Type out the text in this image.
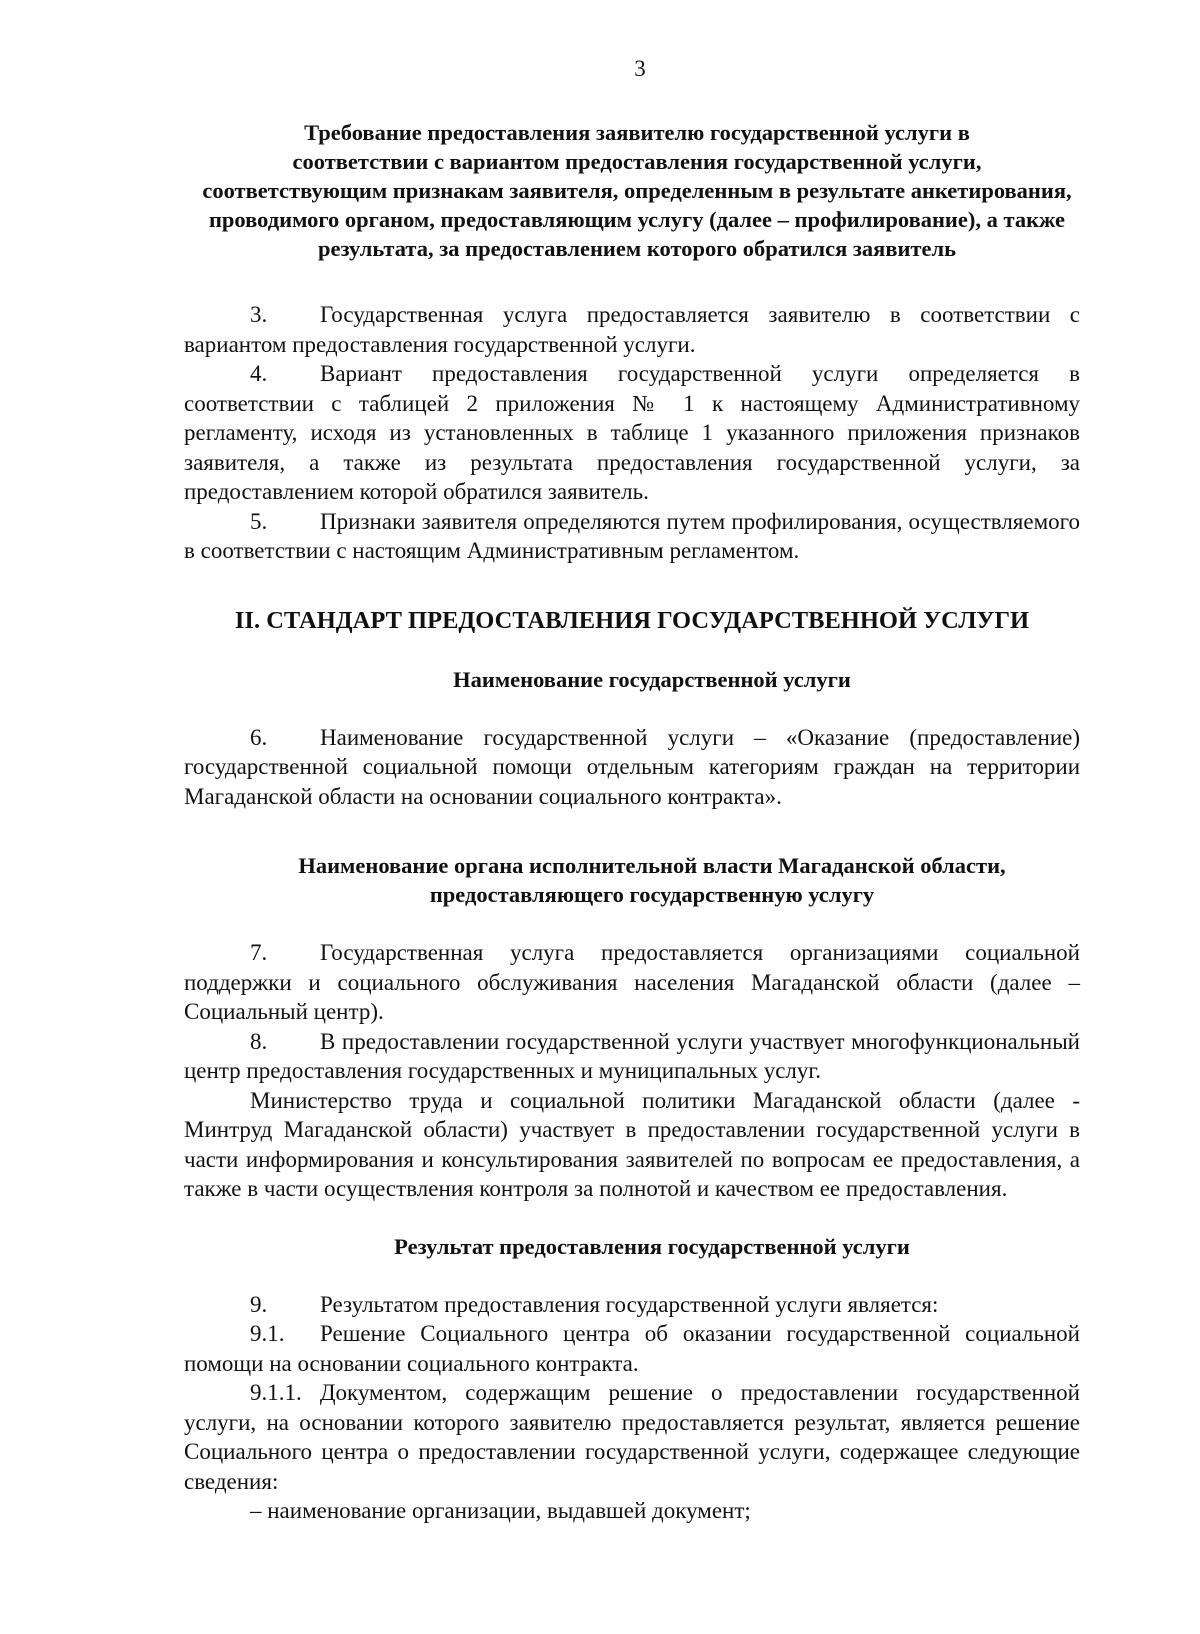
3
Требование предоставления заявителю государственной услуги в
соответствии с вариантом предоставления государственной услуги,
соответствующим признакам заявителя, определенным в результате анкетирования,
проводимого органом, предоставляющим услугу (далее – профилирование), а также
результата, за предоставлением которого обратился заявитель

3. Государственная услуга предоставляется заявителю в соответствии с вариантом предоставления государственной услуги.

4. Вариант предоставления государственной услуги определяется в соответствии с таблицей 2 приложения № 1 к настоящему Административному регламенту, исходя из установленных в таблице 1 указанного приложения признаков заявителя, а также из результата предоставления государственной услуги, за предоставлением которой обратился заявитель.

5. Признаки заявителя определяются путем профилирования, осуществляемого в соответствии с настоящим Административным регламентом.

II. СТАНДАРТ ПРЕДОСТАВЛЕНИЯ ГОСУДАРСТВЕННОЙ УСЛУГИ
Наименование государственной услуги

6. Наименование государственной услуги – «Оказание (предоставление) государственной социальной помощи отдельным категориям граждан на территории Магаданской области на основании социального контракта».

Наименование органа исполнительной власти Магаданской области,
предоставляющего государственную услугу

7. Государственная услуга предоставляется организациями социальной поддержки и социального обслуживания населения Магаданской области (далее – Социальный центр).

8. В предоставлении государственной услуги участвует многофункциональный центр предоставления государственных и муниципальных услуг.

Министерство труда и социальной политики Магаданской области (далее - Минтруд Магаданской области) участвует в предоставлении государственной услуги в части информирования и консультирования заявителей по вопросам ее предоставления, а также в части осуществления контроля за полнотой и качеством ее предоставления.

Результат предоставления государственной услуги

9. Результатом предоставления государственной услуги является:

9.1. Решение Социального центра об оказании государственной социальной помощи на основании социального контракта.

9.1.1. Документом, содержащим решение о предоставлении государственной услуги, на основании которого заявителю предоставляется результат, является решение Социального центра о предоставлении государственной услуги, содержащее следующие сведения:

– наименование организации, выдавшей документ;
